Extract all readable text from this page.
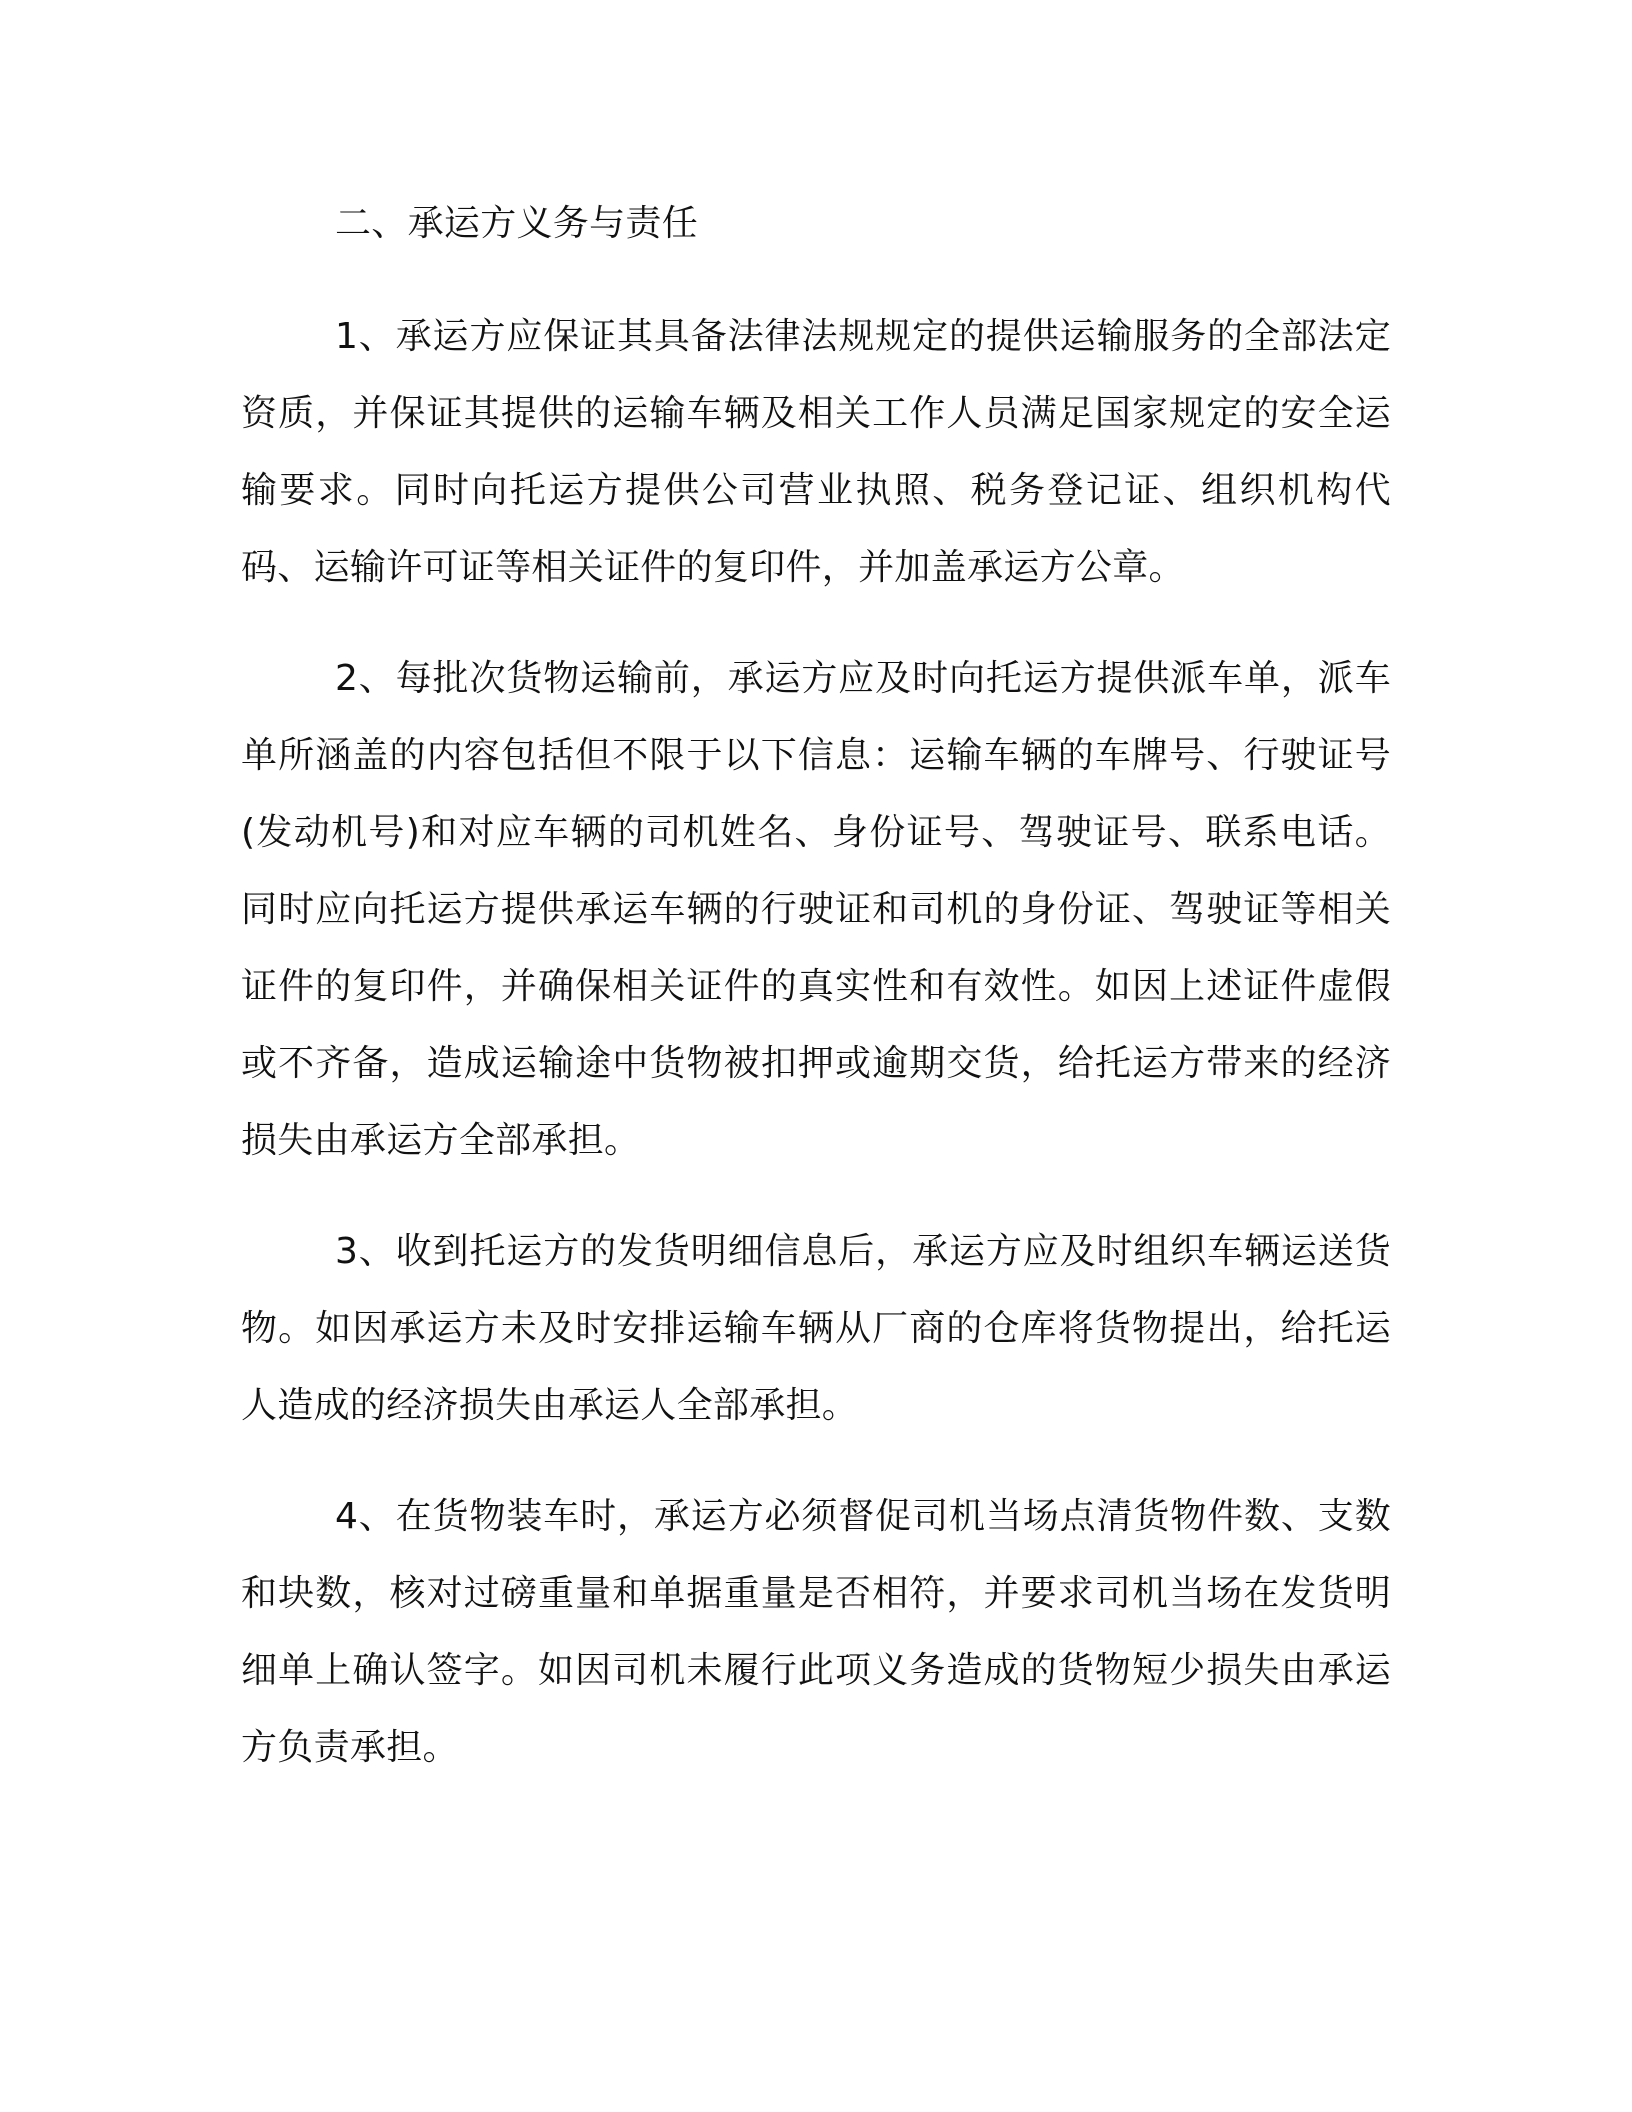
二、承运方义务与责任

1、承运方应保证其具备法律法规规定的提供运输服务的全部法定资质，并保证其提供的运输车辆及相关工作人员满足国家规定的安全运输要求。同时向托运方提供公司营业执照、税务登记证、组织机构代码、运输许可证等相关证件的复印件，并加盖承运方公章。

2、每批次货物运输前，承运方应及时向托运方提供派车单，派车单所涵盖的内容包括但不限于以下信息：运输车辆的车牌号、行驶证号(发动机号)和对应车辆的司机姓名、身份证号、驾驶证号、联系电话。同时应向托运方提供承运车辆的行驶证和司机的身份证、驾驶证等相关证件的复印件，并确保相关证件的真实性和有效性。如因上述证件虚假或不齐备，造成运输途中货物被扣押或逾期交货，给托运方带来的经济损失由承运方全部承担。

3、收到托运方的发货明细信息后，承运方应及时组织车辆运送货物。如因承运方未及时安排运输车辆从厂商的仓库将货物提出，给托运人造成的经济损失由承运人全部承担。

4、在货物装车时，承运方必须督促司机当场点清货物件数、支数和块数，核对过磅重量和单据重量是否相符，并要求司机当场在发货明细单上确认签字。如因司机未履行此项义务造成的货物短少损失由承运方负责承担。
